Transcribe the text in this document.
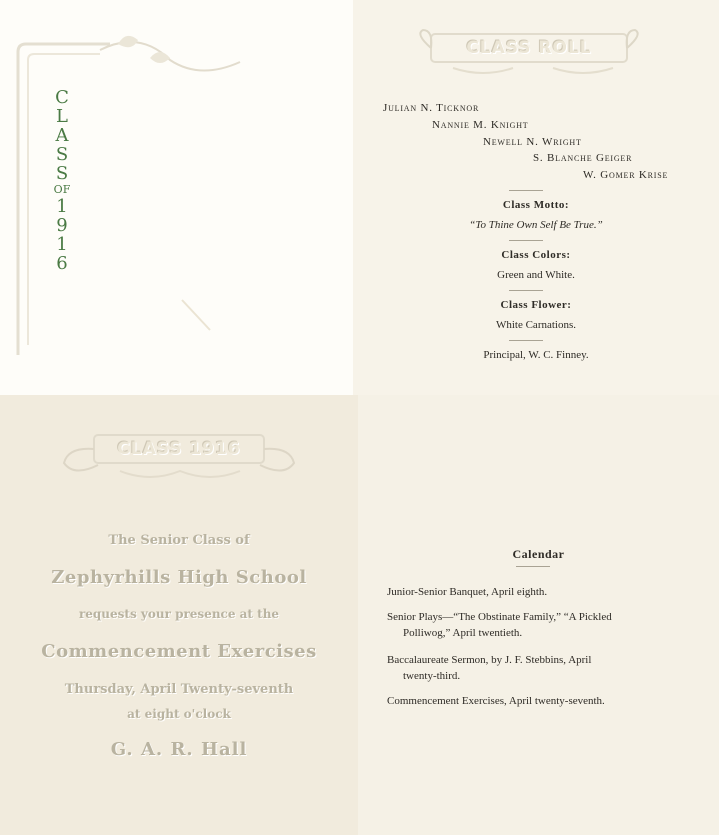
C
L
A
S
S
OF
1
9
1
6
CLASS ROLL
Julian N. Ticknor
Nannie M. Knight
Newell N. Wright
S. Blanche Geiger
W. Gomer Krise
Class Motto:
“To Thine Own Self Be True.”
Class Colors:
Green and White.
Class Flower:
White Carnations.
Principal, W. C. Finney.
CLASS 1916
The Senior Class of
Zephyrhills High School
requests your presence at the
Commencement Exercises
Thursday, April Twenty-seventh
at eight o'clock
G. A. R. Hall
Calendar
Junior-Senior Banquet, April eighth.
Senior Plays—“The Obstinate Family,” “A Pickled
Polliwog,” April twentieth.
Baccalaureate Sermon, by J. F. Stebbins, April
twenty-third.
Commencement Exercises, April twenty-seventh.
